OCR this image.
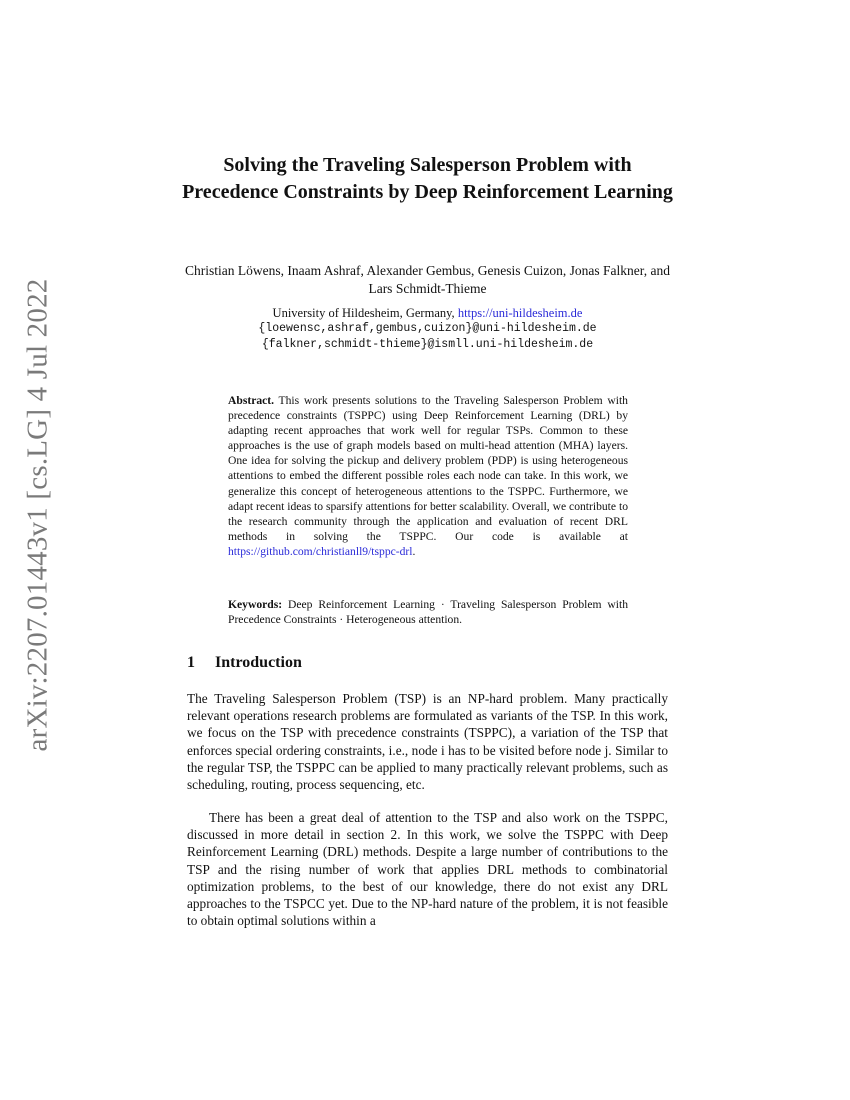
arXiv:2207.01443v1 [cs.LG] 4 Jul 2022
Solving the Traveling Salesperson Problem with Precedence Constraints by Deep Reinforcement Learning
Christian Löwens, Inaam Ashraf, Alexander Gembus, Genesis Cuizon, Jonas Falkner, and Lars Schmidt-Thieme
University of Hildesheim, Germany, https://uni-hildesheim.de
{loewensc,ashraf,gembus,cuizon}@uni-hildesheim.de
{falkner,schmidt-thieme}@ismll.uni-hildesheim.de
Abstract. This work presents solutions to the Traveling Salesperson Problem with precedence constraints (TSPPC) using Deep Reinforcement Learning (DRL) by adapting recent approaches that work well for regular TSPs. Common to these approaches is the use of graph models based on multi-head attention (MHA) layers. One idea for solving the pickup and delivery problem (PDP) is using heterogeneous attentions to embed the different possible roles each node can take. In this work, we generalize this concept of heterogeneous attentions to the TSPPC. Furthermore, we adapt recent ideas to sparsify attentions for better scalability. Overall, we contribute to the research community through the application and evaluation of recent DRL methods in solving the TSPPC. Our code is available at https://github.com/christianll9/tsppc-drl.
Keywords: Deep Reinforcement Learning · Traveling Salesperson Problem with Precedence Constraints · Heterogeneous attention.
1 Introduction

The Traveling Salesperson Problem (TSP) is an NP-hard problem. Many practically relevant operations research problems are formulated as variants of the TSP. In this work, we focus on the TSP with precedence constraints (TSPPC), a variation of the TSP that enforces special ordering constraints, i.e., node i has to be visited before node j. Similar to the regular TSP, the TSPPC can be applied to many practically relevant problems, such as scheduling, routing, process sequencing, etc.

There has been a great deal of attention to the TSP and also work on the TSPPC, discussed in more detail in section 2. In this work, we solve the TSPPC with Deep Reinforcement Learning (DRL) methods. Despite a large number of contributions to the TSP and the rising number of work that applies DRL methods to combinatorial optimization problems, to the best of our knowledge, there do not exist any DRL approaches to the TSPCC yet. Due to the NP-hard nature of the problem, it is not feasible to obtain optimal solutions within a
